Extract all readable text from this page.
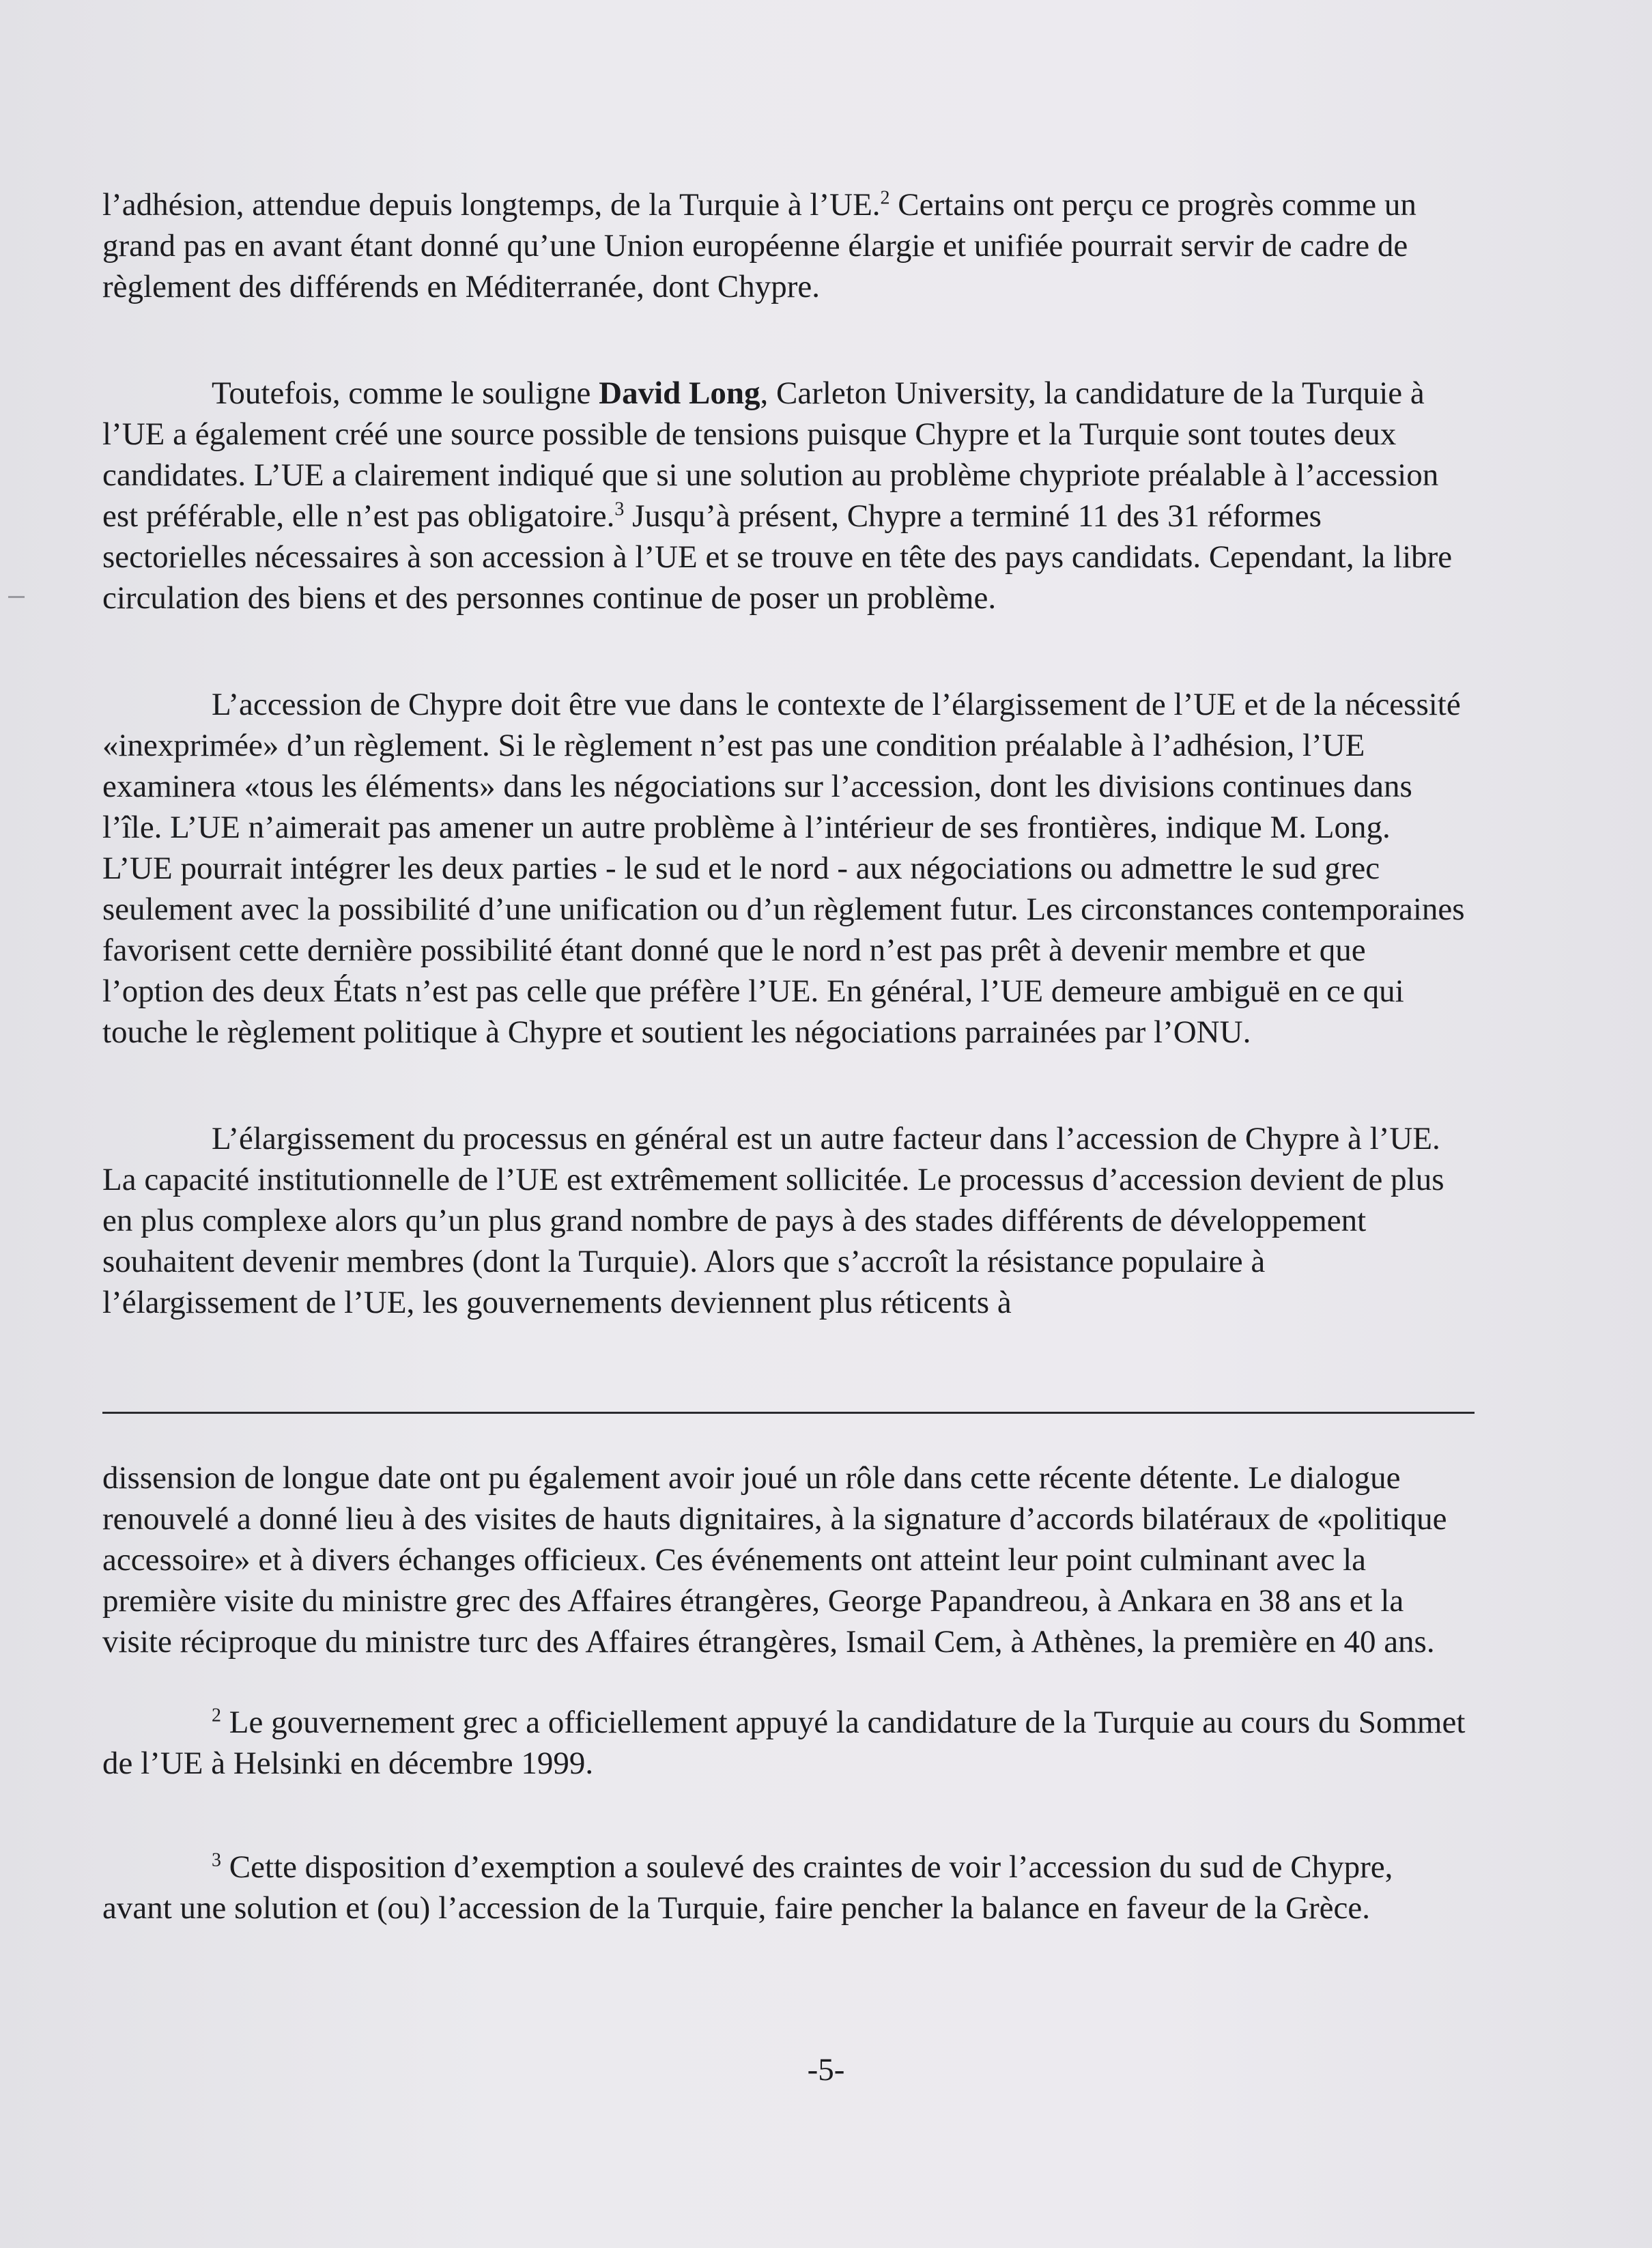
l’adhésion, attendue depuis longtemps, de la Turquie à l’UE.$^2$ Certains ont perçu ce progrès comme un grand pas en avant étant donné qu’une Union européenne élargie et unifiée pourrait servir de cadre de règlement des différends en Méditerranée, dont Chypre.

Toutefois, comme le souligne David Long, Carleton University, la candidature de la Turquie à l’UE a également créé une source possible de tensions puisque Chypre et la Turquie sont toutes deux candidates. L’UE a clairement indiqué que si une solution au problème chypriote préalable à l’accession est préférable, elle n’est pas obligatoire.$^3$ Jusqu’à présent, Chypre a terminé 11 des 31 réformes sectorielles nécessaires à son accession à l’UE et se trouve en tête des pays candidats. Cependant, la libre circulation des biens et des personnes continue de poser un problème.

L’accession de Chypre doit être vue dans le contexte de l’élargissement de l’UE et de la nécessité «inexprimée» d’un règlement. Si le règlement n’est pas une condition préalable à l’adhésion, l’UE examinera «tous les éléments» dans les négociations sur l’accession, dont les divisions continues dans l’île. L’UE n’aimerait pas amener un autre problème à l’intérieur de ses frontières, indique M. Long. L’UE pourrait intégrer les deux parties - le sud et le nord - aux négociations ou admettre le sud grec seulement avec la possibilité d’une unification ou d’un règlement futur. Les circonstances contemporaines favorisent cette dernière possibilité étant donné que le nord n’est pas prêt à devenir membre et que l’option des deux États n’est pas celle que préfère l’UE. En général, l’UE demeure ambiguë en ce qui touche le règlement politique à Chypre et soutient les négociations parrainées par l’ONU.

L’élargissement du processus en général est un autre facteur dans l’accession de Chypre à l’UE. La capacité institutionnelle de l’UE est extrêmement sollicitée. Le processus d’accession devient de plus en plus complexe alors qu’un plus grand nombre de pays à des stades différents de développement souhaitent devenir membres (dont la Turquie). Alors que s’accroît la résistance populaire à l’élargissement de l’UE, les gouvernements deviennent plus réticents à

dissension de longue date ont pu également avoir joué un rôle dans cette récente détente. Le dialogue renouvelé a donné lieu à des visites de hauts dignitaires, à la signature d’accords bilatéraux de «politique accessoire» et à divers échanges officieux. Ces événements ont atteint leur point culminant avec la première visite du ministre grec des Affaires étrangères, George Papandreou, à Ankara en 38 ans et la visite réciproque du ministre turc des Affaires étrangères, Ismail Cem, à Athènes, la première en 40 ans.

$^2$ Le gouvernement grec a officiellement appuyé la candidature de la Turquie au cours du Sommet de l’UE à Helsinki en décembre 1999.

$^3$ Cette disposition d’exemption a soulevé des craintes de voir l’accession du sud de Chypre, avant une solution et (ou) l’accession de la Turquie, faire pencher la balance en faveur de la Grèce.

-5-
